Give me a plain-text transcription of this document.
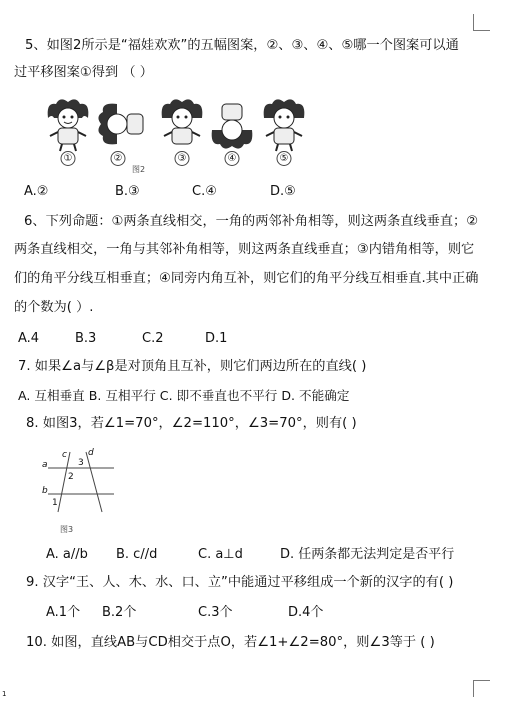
1
5、如图2所示是“福娃欢欢”的五幅图案，②、③、④、⑤哪一个图案可以通
过平移图案①得到 （ ）
①	②	③	④	⑤
图2
A.②	B.③	C.④	D.⑤
6、下列命题：①两条直线相交，一角的两邻补角相等，则这两条直线垂直；②
两条直线相交，一角与其邻补角相等，则这两条直线垂直；③内错角相等，则它
们的角平分线互相垂直；④同旁内角互补，则它们的角平分线互相垂直.其中正确
的个数为( ）.
A.4	B.3	C.2	D.1
7. 如果∠a与∠β是对顶角且互补，则它们两边所在的直线( )
A. 互相垂直 B. 互相平行 C. 即不垂直也不平行 D. 不能确定
8. 如图3，若∠1=70°，∠2=110°，∠3=70°，则有( )
a
b
c d
3
2
1
图3
A. a//b B. c//d	C. a⊥d	D. 任两条都无法判定是否平行
9. 汉字“王、人、木、水、口、立”中能通过平移组成一个新的汉字的有( )
A.1个 B.2个	C.3个	D.4个
10. 如图，直线AB与CD相交于点O，若∠1+∠2=80°，则∠3等于 ( )
